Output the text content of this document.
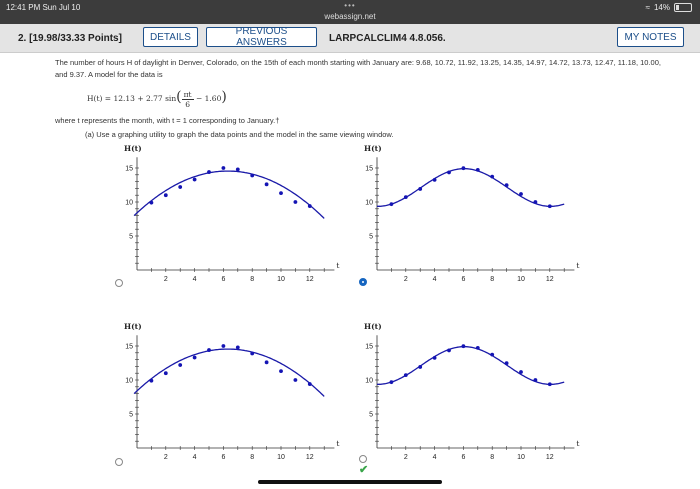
12:41 PM Sun Jul 10	•••
webassign.net
≈ 14%
2. [19.98/33.33 Points]	DETAILS	PREVIOUS ANSWERS	LARPCALCLIM4 4.8.056.	MY NOTES
The number of hours H of daylight in Denver, Colorado, on the 15th of each month starting with January are: 9.68, 10.72, 11.92, 13.25, 14.35, 14.97, 14.72, 13.73, 12.47, 11.18, 10.00, and 9.37. A model for the data is
H(t) = 12.13 + 2.77 $\sin( \frac{\pi t}{6} - 1.60)$
where t represents the month, with t = 1 corresponding to January.†
(a) Use a graphing utility to graph the data points and the model in the same viewing window.
H(t)
t
2	4	6	8	10	12
5
10
15
H(t)
t
2	4	6	8	10	12
5
10
15
H(t)
t
2	4	6	8	10	12
5
10
15
H(t)
t
2	4	6	8	10	12
5
10
15
✔
